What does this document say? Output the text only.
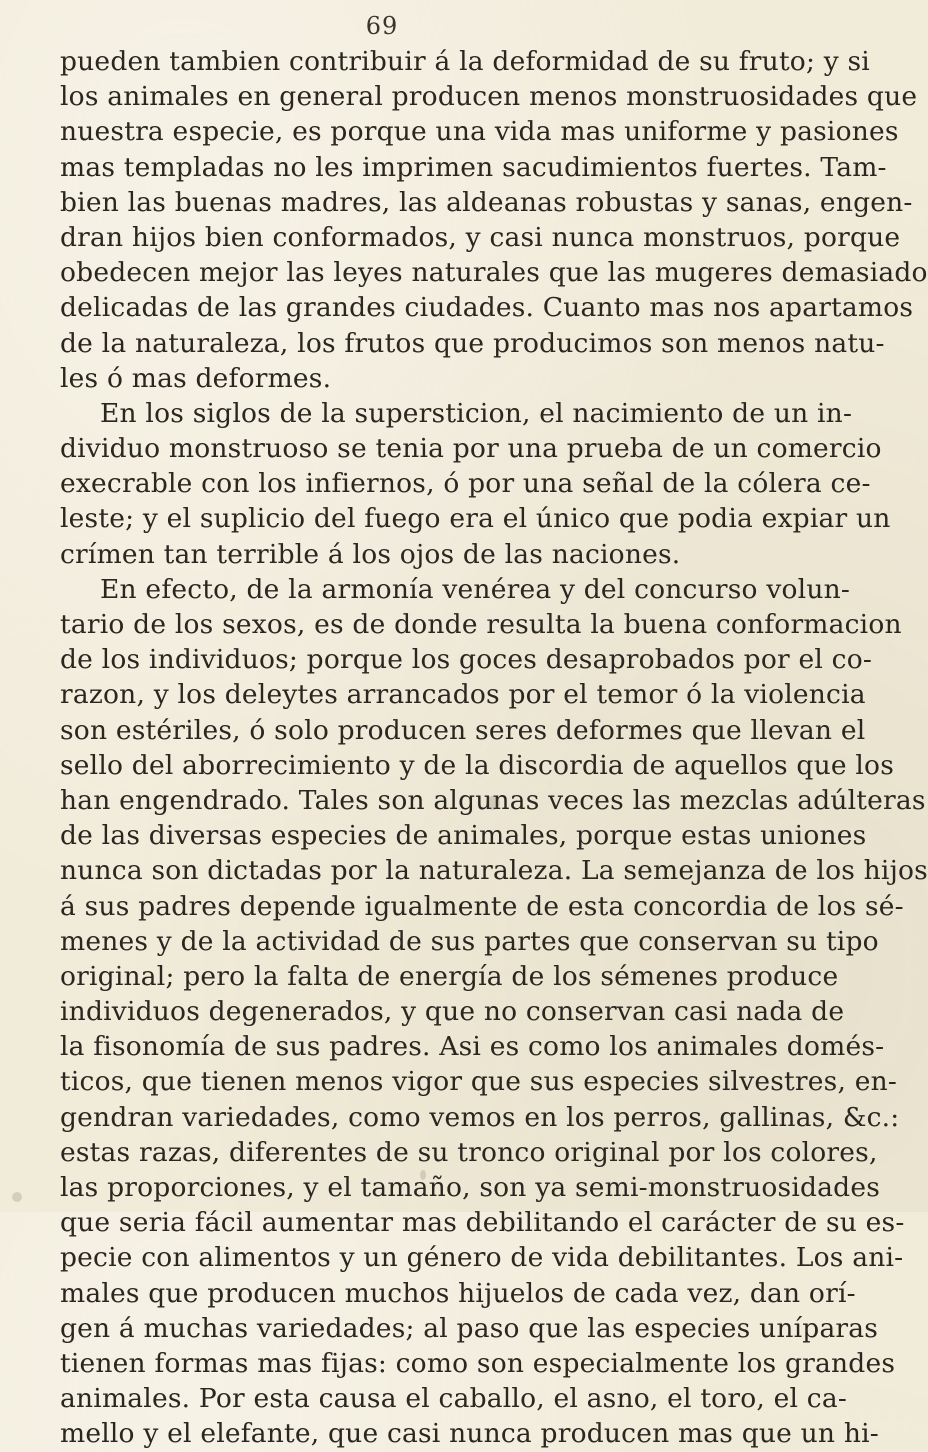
69
pueden tambien contribuir á la deformidad de su fruto; y si
los animales en general producen menos monstruosidades que
nuestra especie, es porque una vida mas uniforme y pasiones
mas templadas no les imprimen sacudimientos fuertes. Tam-
bien las buenas madres, las aldeanas robustas y sanas, engen-
dran hijos bien conformados, y casi nunca monstruos, porque
obedecen mejor las leyes naturales que las mugeres demasiado
delicadas de las grandes ciudades. Cuanto mas nos apartamos
de la naturaleza, los frutos que producimos son menos natu-
les ó mas deformes.
En los siglos de la supersticion, el nacimiento de un in-
dividuo monstruoso se tenia por una prueba de un comercio
execrable con los infiernos, ó por una señal de la cólera ce-
leste; y el suplicio del fuego era el único que podia expiar un
crímen tan terrible á los ojos de las naciones.
En efecto, de la armonía venérea y del concurso volun-
tario de los sexos, es de donde resulta la buena conformacion
de los individuos; porque los goces desaprobados por el co-
razon, y los deleytes arrancados por el temor ó la violencia
son estériles, ó solo producen seres deformes que llevan el
sello del aborrecimiento y de la discordia de aquellos que los
han engendrado. Tales son algunas veces las mezclas adúlteras
de las diversas especies de animales, porque estas uniones
nunca son dictadas por la naturaleza. La semejanza de los hijos
á sus padres depende igualmente de esta concordia de los sé-
menes y de la actividad de sus partes que conservan su tipo
original; pero la falta de energía de los sémenes produce
individuos degenerados, y que no conservan casi nada de
la fisonomía de sus padres. Asi es como los animales domés-
ticos, que tienen menos vigor que sus especies silvestres, en-
gendran variedades, como vemos en los perros, gallinas, &c.:
estas razas, diferentes de su tronco original por los colores,
las proporciones, y el tamaño, son ya semi-monstruosidades
que seria fácil aumentar mas debilitando el carácter de su es-
pecie con alimentos y un género de vida debilitantes. Los ani-
males que producen muchos hijuelos de cada vez, dan orí-
gen á muchas variedades; al paso que las especies uníparas
tienen formas mas fijas: como son especialmente los grandes
animales. Por esta causa el caballo, el asno, el toro, el ca-
mello y el elefante, que casi nunca producen mas que un hi-
